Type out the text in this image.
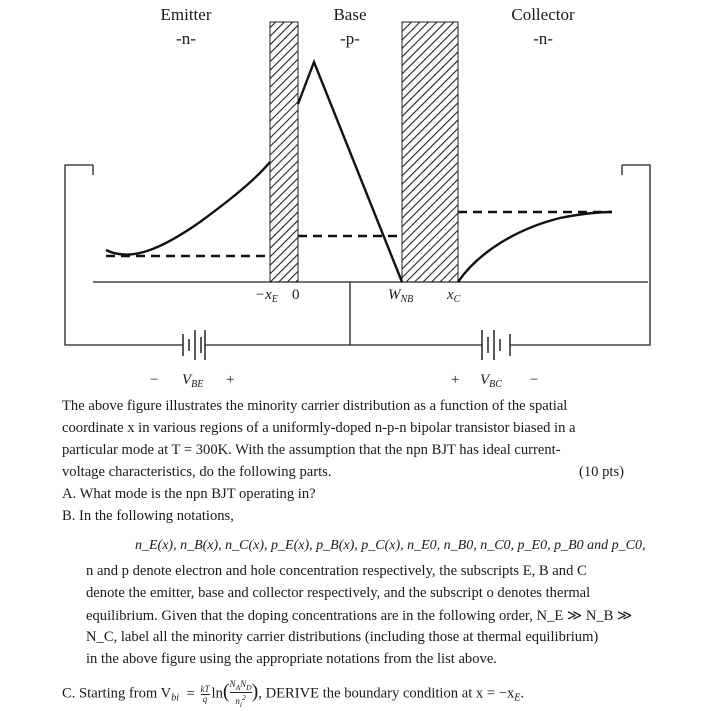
Emitter
-n-
Base
-p-
Collector
-n-
$-x_E$ 0	$W_{NB}$ $x_C$
− $V_{BE}$ +	+ $V_{BC}$ −
The above figure illustrates the minority carrier distribution as a function of the spatial
coordinate x in various regions of a uniformly-doped n-p-n bipolar transistor biased in a
particular mode at T = 300K. With the assumption that the npn BJT has ideal current-
voltage characteristics, do the following parts.	(10 pts)
A. What mode is the npn BJT operating in?
B. In the following notations,
n_E(x), n_B(x), n_C(x), p_E(x), p_B(x), p_C(x), n_E0, n_B0, n_C0, p_E0, p_B0 and p_C0,
n and p denote electron and hole concentration respectively, the subscripts E, B and C
denote the emitter, base and collector respectively, and the subscript o denotes thermal
equilibrium. Given that the doping concentrations are in the following order, N_E ≫ N_B ≫
N_C, label all the minority carrier distributions (including those at thermal equilibrium)
in the above figure using the appropriate notations from the list above.
C. Starting from $V_{bi} = \frac{kT}{q} \ln$( $N_AN_D$
$n_i^2$ ), DERIVE the boundary condition at $x = -x_E$.
